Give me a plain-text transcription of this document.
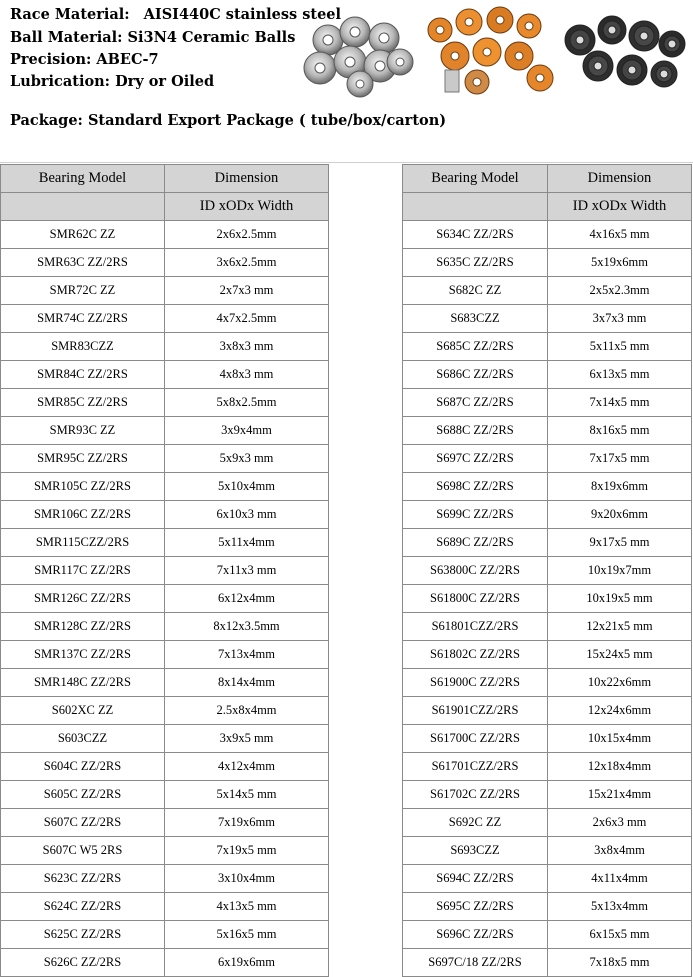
Race Material: AISI440C stainless steel
Ball Material: Si3N4 Ceramic Balls
Precision: ABEC-7
Lubrication: Dry or Oiled
Package: Standard Export Package ( tube/box/carton)
Bearing Model	Dimension
	ID xODx Width
SMR62C ZZ	2x6x2.5mm
SMR63C ZZ/2RS	3x6x2.5mm
SMR72C ZZ	2x7x3 mm
SMR74C ZZ/2RS	4x7x2.5mm
SMR83CZZ	3x8x3 mm
SMR84C ZZ/2RS	4x8x3 mm
SMR85C ZZ/2RS	5x8x2.5mm
SMR93C ZZ	3x9x4mm
SMR95C ZZ/2RS	5x9x3 mm
SMR105C ZZ/2RS	5x10x4mm
SMR106C ZZ/2RS	6x10x3 mm
SMR115CZZ/2RS	5x11x4mm
SMR117C ZZ/2RS	7x11x3 mm
SMR126C ZZ/2RS	6x12x4mm
SMR128C ZZ/2RS	8x12x3.5mm
SMR137C ZZ/2RS	7x13x4mm
SMR148C ZZ/2RS	8x14x4mm
S602XC ZZ	2.5x8x4mm
S603CZZ	3x9x5 mm
S604C ZZ/2RS	4x12x4mm
S605C ZZ/2RS	5x14x5 mm
S607C ZZ/2RS	7x19x6mm
S607C W5 2RS	7x19x5 mm
S623C ZZ/2RS	3x10x4mm
S624C ZZ/2RS	4x13x5 mm
S625C ZZ/2RS	5x16x5 mm
S626C ZZ/2RS	6x19x6mm
Bearing Model	Dimension
	ID xODx Width
S634C ZZ/2RS	4x16x5 mm
S635C ZZ/2RS	5x19x6mm
S682C ZZ	2x5x2.3mm
S683CZZ	3x7x3 mm
S685C ZZ/2RS	5x11x5 mm
S686C ZZ/2RS	6x13x5 mm
S687C ZZ/2RS	7x14x5 mm
S688C ZZ/2RS	8x16x5 mm
S697C ZZ/2RS	7x17x5 mm
S698C ZZ/2RS	8x19x6mm
S699C ZZ/2RS	9x20x6mm
S689C ZZ/2RS	9x17x5 mm
S63800C ZZ/2RS	10x19x7mm
S61800C ZZ/2RS	10x19x5 mm
S61801CZZ/2RS	12x21x5 mm
S61802C ZZ/2RS	15x24x5 mm
S61900C ZZ/2RS	10x22x6mm
S61901CZZ/2RS	12x24x6mm
S61700C ZZ/2RS	10x15x4mm
S61701CZZ/2RS	12x18x4mm
S61702C ZZ/2RS	15x21x4mm
S692C ZZ	2x6x3 mm
S693CZZ	3x8x4mm
S694C ZZ/2RS	4x11x4mm
S695C ZZ/2RS	5x13x4mm
S696C ZZ/2RS	6x15x5 mm
S697C/18 ZZ/2RS	7x18x5 mm
